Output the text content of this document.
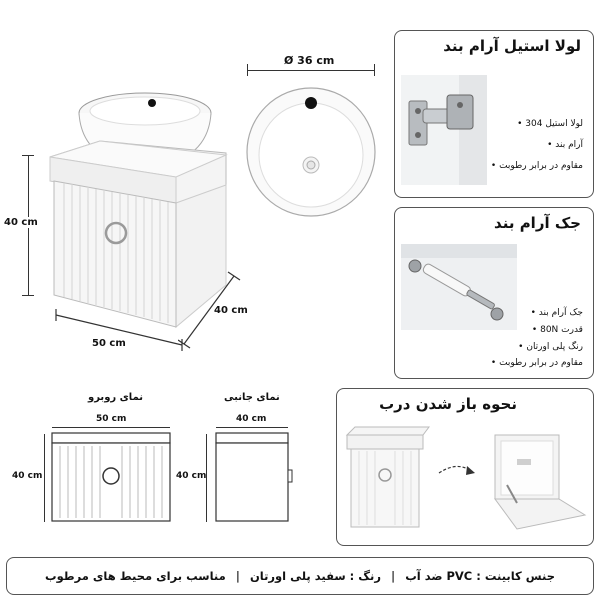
40 cm
50 cm
40 cm
Ø 36 cm
لولا استیل آرام بند
لولا استیل 304 •
آرام بند •
مقاوم در برابر رطوبت •
جک آرام بند
جک آرام بند •
قدرت 80N •
رنگ پلی اورتان •
مقاوم در برابر رطوبت •
نمای روبرو	نمای جانبی
50 cm
40 cm
40 cm
40 cm
نحوه باز شدن درب
جنس کابینت : PVC ضد آب
|
رنگ : سفید پلی اورتان
|
مناسب برای محیط های مرطوب
